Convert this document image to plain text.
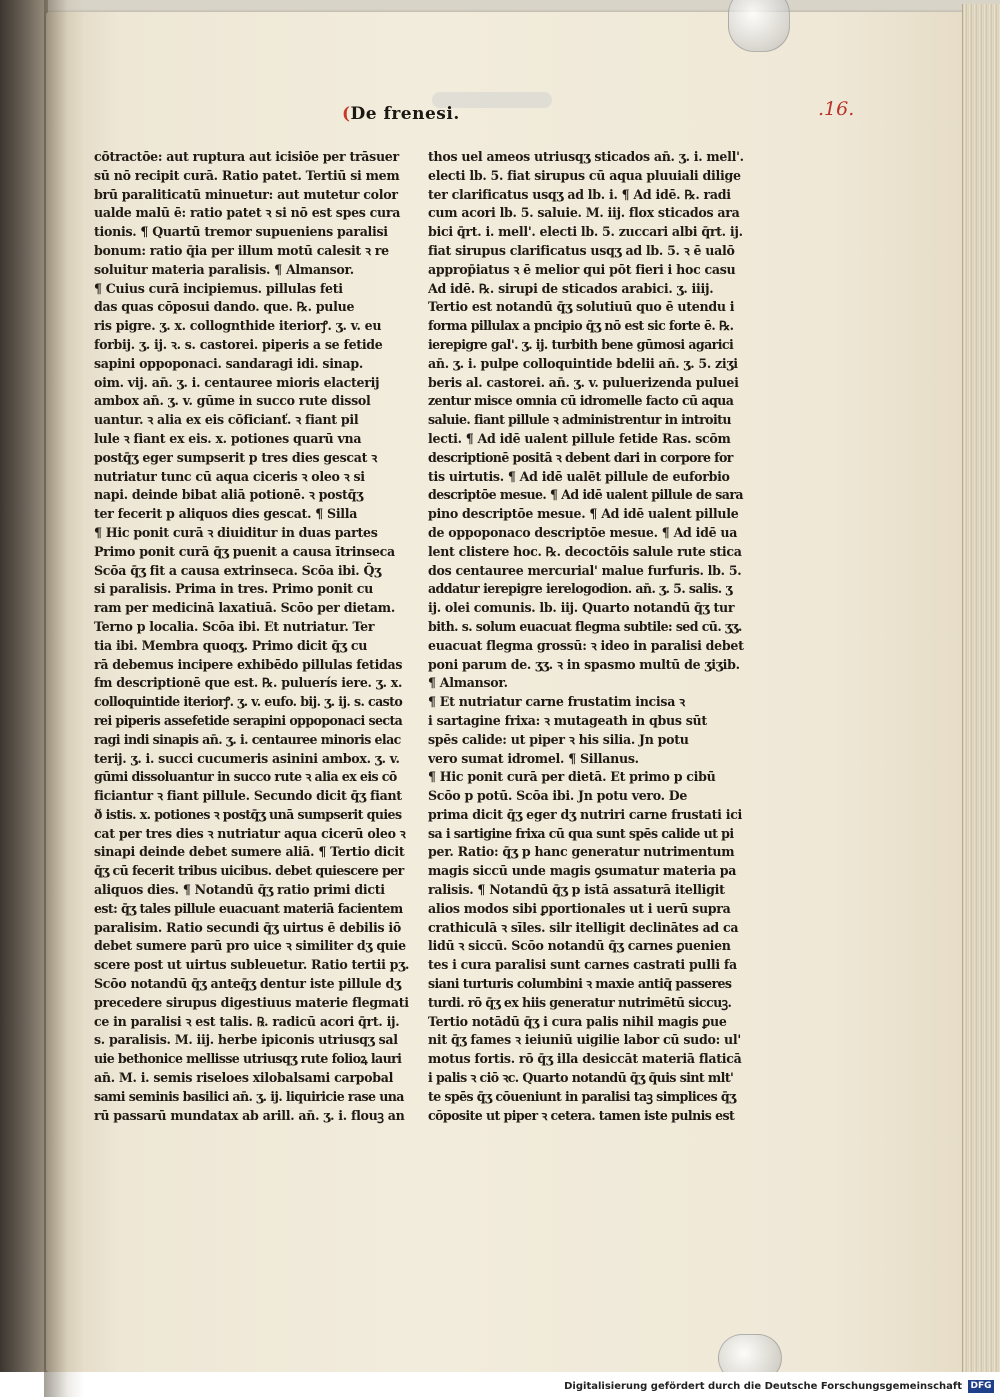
(De frenesi.	.16.
cōtractōe: aut ruptura aut icisiōe per trāsuer
sū nō recipit curā. Ratio patet. Tertiū si mem
brū paraliticatū minuetur: aut mutetur color
ualde malū ē: ratio patet ꝛ si nō est spes cura
tionis. ¶ Quartū tremor supueniens paralisi
bonum: ratio q̄ia per illum motū calesit ꝛ re
soluitur materia paralisis. ¶ Almansor.
¶ Cuius curā incipiemus. pillulas feti
das quas cōposui dando. que. ℞. pulue
ris pigre. ʒ. x. collognthide iteriorꝭ. ʒ. v. eu
forbij. ʒ. ij. ꝛ. s. castorei. piperis a se fetide
sapini oppoponaci. sandaragi idi. sinap.
oim. vij. an̄. ʒ. i. centauree mioris elacterij
ambox an̄. ʒ. v. gūme in succo rute dissol
uantur. ꝛ alia ex eis cōficianť. ꝛ fiant pil
lule ꝛ fiant ex eis. x. potiones quarū vna
postq̄ʒ eger sumpserit p tres dies gescat ꝛ
nutriatur tunc cū aqua ciceris ꝛ oleo ꝛ si
napi. deinde bibat aliā potionē. ꝛ postq̄ʒ
ter fecerit p aliquos dies gescat. ¶ Silla
¶ Hic ponit curā ꝛ diuiditur in duas partes
Primo ponit curā q̄ʒ puenit a causa ītrinseca
Scōa q̄ʒ fit a causa extrinseca. Scōa ibi. Q̄ʒ
si paralisis. Prima in tres. Primo ponit cu
ram per medicinā laxatiuā. Scōo per dietam.
Terno p localia. Scōa ibi. Et nutriatur. Ter
tia ibi. Membra quoqʒ. Primo dicit q̄ʒ cu
rā debemus incipere exhibēdo pillulas fetidas
fm descriptionē que est. ℞. puluerís iere. ʒ. x.
colloquintide iteriorꝭ. ʒ. v. eufo. bij. ʒ. ij. s. casto
rei piperis assefetide serapini oppoponaci secta
ragi indi sinapis an̄. ʒ. i. centauree minoris elac
terij. ʒ. i. succi cucumeris asinini ambox. ʒ. v.
gūmi dissoluantur in succo rute ꝛ alia ex eis cō
ficiantur ꝛ fiant pillule. Secundo dicit q̄ʒ fiant
ð istis. x. potiones ꝛ postq̄ʒ unā sumpserit quies
cat per tres dies ꝛ nutriatur aqua cicerū oleo ꝛ
sinapi deinde debet sumere aliā. ¶ Tertio dicit
q̄ʒ cū fecerit tribus uicibus. debet quiescere per
aliquos dies. ¶ Notandū q̄ʒ ratio primi dicti
est: q̄ʒ tales pillule euacuant materiā facientem
paralisim. Ratio secundi q̄ʒ uirtus ē debilis iō
debet sumere parū pro uice ꝛ similiter dʒ quie
scere post ut uirtus subleuetur. Ratio tertii pʒ.
Scōo notandū q̄ʒ anteq̄ʒ dentur iste pillule dʒ
precedere sirupus digestiuus materie flegmati
ce in paralisi ꝛ est talis. ℞. radicū acori q̄rt. ij.
s. paralisis. M. iij. herbe ipiconis utriusqʒ sal
uie bethonice mellisse utriusqʒ rute folioꝝ lauri
an̄. M. i. semis riseloes xilobalsami carpobal
sami seminis basilici an̄. ʒ. ij. liquiricie rase una
rū passarū mundatax ab arill. an̄. ʒ. i. flouꝫ an
thos uel ameos utriusqʒ sticados an̄. ʒ. i. mell'.
electi lb. 5. fiat sirupus cū aqua pluuiali dilige
ter clarificatus usqʒ ad lb. i. ¶ Ad idē. ℞. radi
cum acori lb. 5. saluie. M. iij. flox sticados ara
bici q̄rt. i. mell'. electi lb. 5. zuccari albi q̄rt. ij.
fiat sirupus clarificatus usqʒ ad lb. 5. ꝛ ē ualō
approp̄iatus ꝛ ē melior qui pōt fieri i hoc casu
Ad idē. ℞. sirupi de sticados arabici. ʒ. iiij.
Tertio est notandū q̄ʒ solutiuū quo ē utendu i
forma pillulax a pncipio q̄ʒ nō est sic forte ē. ℞.
ierepigre gal'. ʒ. ij. turbith bene gūmosi agarici
an̄. ʒ. i. pulpe colloquintide bdelii an̄. ʒ. 5. ziʒi
beris al. castorei. an̄. ʒ. v. puluerizenda puluei
zentur misce omnia cū idromelle facto cū aqua
saluie. fiant pillule ꝛ administrentur in introitu
lecti. ¶ Ad idē ualent pillule fetide Ras. scōm
descriptionē positā ꝛ debent dari in corpore for
tis uirtutis. ¶ Ad idē ualēt pillule de euforbio
descriptōe mesue. ¶ Ad idē ualent pillule de sara
pino descriptōe mesue. ¶ Ad idē ualent pillule
de oppoponaco descriptōe mesue. ¶ Ad idē ua
lent clistere hoc. ℞. decoctōis salule rute stica
dos centauree mercurial' malue furfuris. lb. 5.
addatur ierepigre ierelogodion. an̄. ʒ. 5. salis. ʒ
ij. olei comunis. lb. iij. Quarto notandū q̄ʒ tur
bith. s. solum euacuat flegma subtile: sed cū. ʒʒ.
euacuat flegma grossū: ꝛ ideo in paralisi debet
poni parum de. ʒʒ. ꝛ in spasmo multū de ʒiʒib.
¶ Almansor.
¶ Et nutriatur carne frustatim incisa ꝛ
i sartagine frixa: ꝛ mutageath in qbus sūt
spēs calide: ut piper ꝛ his silia. Jn potu
vero sumat idromel. ¶ Sillanus.
¶ Hic ponit curā per dietā. Et primo p cibū
Scōo p potū. Scōa ibi. Jn potu vero. De
prima dicit q̄ʒ eger dʒ nutriri carne frustati ici
sa i sartigine frixa cū qua sunt spēs calide ut pi
per. Ratio: q̄ʒ p hanc generatur nutrimentum
magis siccū unde magis ꝯsumatur materia pa
ralisis. ¶ Notandū q̄ʒ p istā assaturā itelligit
alios modos sibi ꝑportionales ut i uerū supra
crathiculā ꝛ sīles. silr itelligit declinātes ad ca
lidū ꝛ siccū. Scōo notandū q̄ʒ carnes ꝑuenien
tes i cura paralisi sunt carnes castrati pulli fa
siani turturis columbini ꝛ maxie antiq̄ passeres
turdi. rō q̄ʒ ex hiis generatur nutrimētū siccuꝫ.
Tertio notādū q̄ʒ i cura palis nihil magis ꝑue
nit q̄ʒ fames ꝛ ieiuniū uigilie labor cū sudo: ul'
motus fortis. rō q̄ʒ illa desiccāt materiā flaticā
i palis ꝛ ciō ꝛc. Quarto notandū q̄ʒ q̄uis sint mlt'
te spēs q̄ʒ cōueniunt in paralisi taꝫ simplices q̄ʒ
cōposite ut piper ꝛ cetera. tamen iste pulnis est
Digitalisierung gefördert durch die Deutsche Forschungsgemeinschaft DFG
